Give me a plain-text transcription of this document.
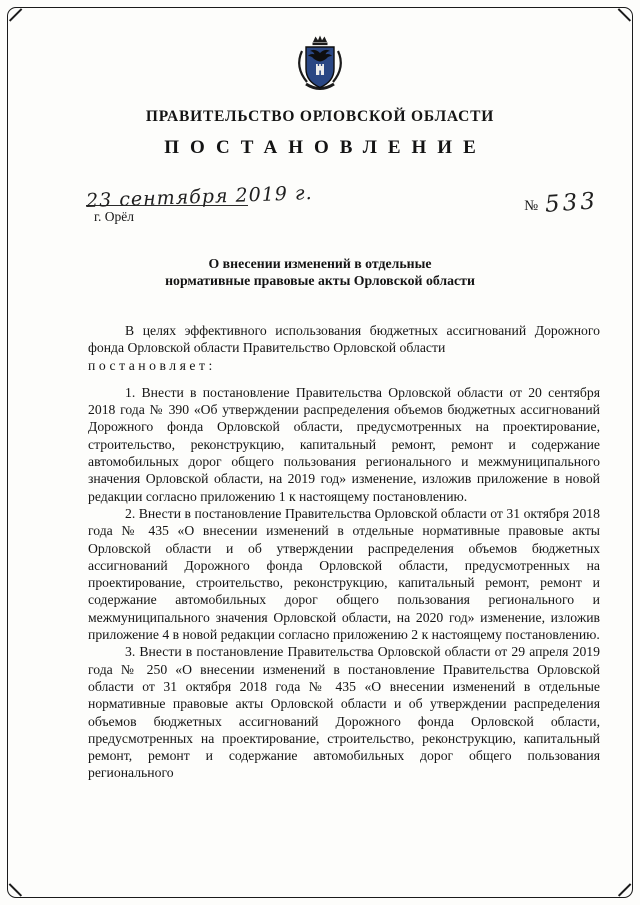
ПРАВИТЕЛЬСТВО ОРЛОВСКОЙ ОБЛАСТИ
ПОСТАНОВЛЕНИЕ
23 сентября 2019 г.
г. Орёл
№ 533
О внесении изменений в отдельные
нормативные правовые акты Орловской области

В целях эффективного использования бюджетных ассигнований Дорожного фонда Орловской области Правительство Орловской области
постановляет:

1. Внести в постановление Правительства Орловской области от 20 сентября 2018 года № 390 «Об утверждении распределения объемов бюджетных ассигнований Дорожного фонда Орловской области, предусмотренных на проектирование, строительство, реконструкцию, капитальный ремонт, ремонт и содержание автомобильных дорог общего пользования регионального и межмуниципального значения Орловской области, на 2019 год» изменение, изложив приложение в новой редакции согласно приложению 1 к настоящему постановлению.

2. Внести в постановление Правительства Орловской области от 31 октября 2018 года № 435 «О внесении изменений в отдельные нормативные правовые акты Орловской области и об утверждении распределения объемов бюджетных ассигнований Дорожного фонда Орловской области, предусмотренных на проектирование, строительство, реконструкцию, капитальный ремонт, ремонт и содержание автомобильных дорог общего пользования регионального и межмуниципального значения Орловской области, на 2020 год» изменение, изложив приложение 4 в новой редакции согласно приложению 2 к настоящему постановлению.

3. Внести в постановление Правительства Орловской области от 29 апреля 2019 года № 250 «О внесении изменений в постановление Правительства Орловской области от 31 октября 2018 года № 435 «О внесении изменений в отдельные нормативные правовые акты Орловской области и об утверждении распределения объемов бюджетных ассигнований Дорожного фонда Орловской области, предусмотренных на проектирование, строительство, реконструкцию, капитальный ремонт, ремонт и содержание автомобильных дорог общего пользования регионального
